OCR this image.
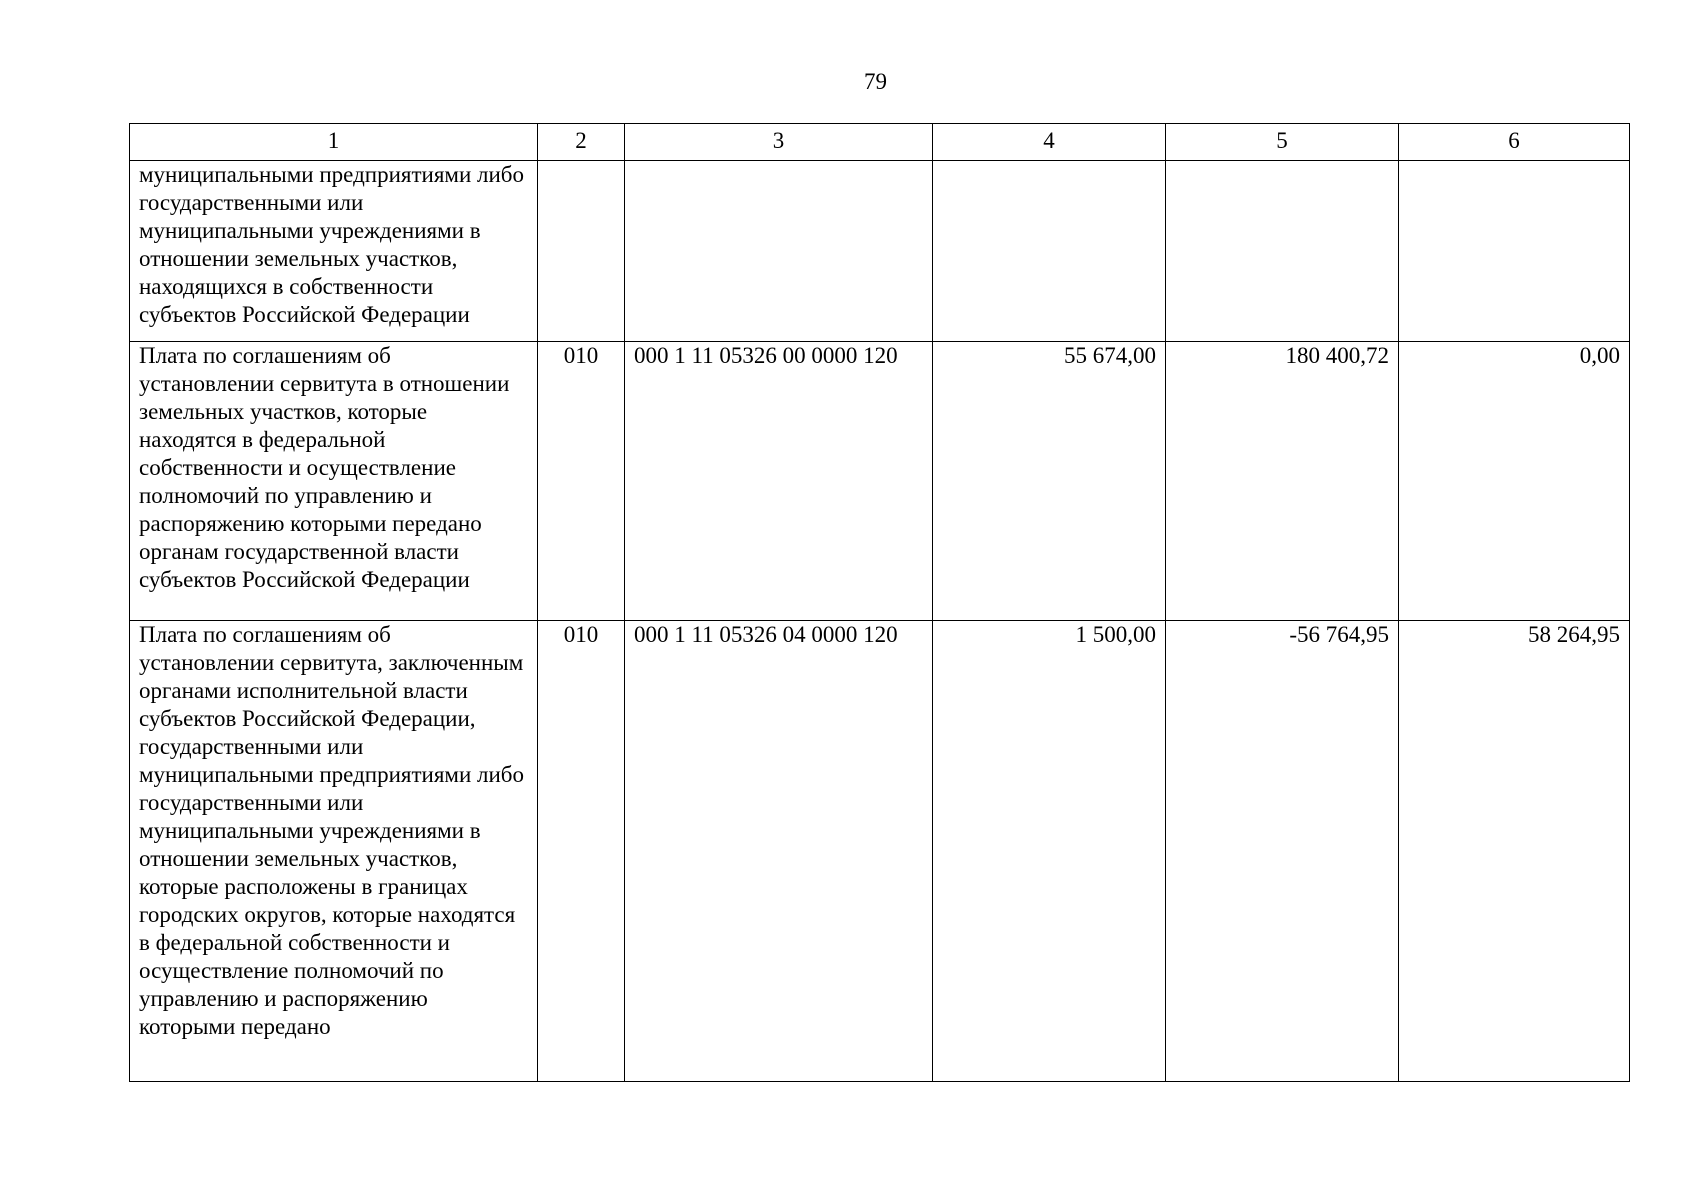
79
1	2	3	4	5	6
муниципальными предприятиями либо государственными или муниципальными учреждениями в отношении земельных участков, находящихся в собственности субъектов Российской Федерации					
Плата по соглашениям об установлении сервитута в отношении земельных участков, которые находятся в федеральной собственности и осуществление полномочий по управлению и распоряжению которыми передано органам государственной власти субъектов Российской Федерации	010	000 1 11 05326 00 0000 120	55 674,00	180 400,72	0,00
Плата по соглашениям об установлении сервитута, заключенным органами исполнительной власти субъектов Российской Федерации, государственными или муниципальными предприятиями либо государственными или муниципальными учреждениями в отношении земельных участков, которые расположены в границах городских округов, которые находятся в федеральной собственности и осуществление полномочий по управлению и распоряжению которыми передано	010	000 1 11 05326 04 0000 120	1 500,00	-56 764,95	58 264,95
